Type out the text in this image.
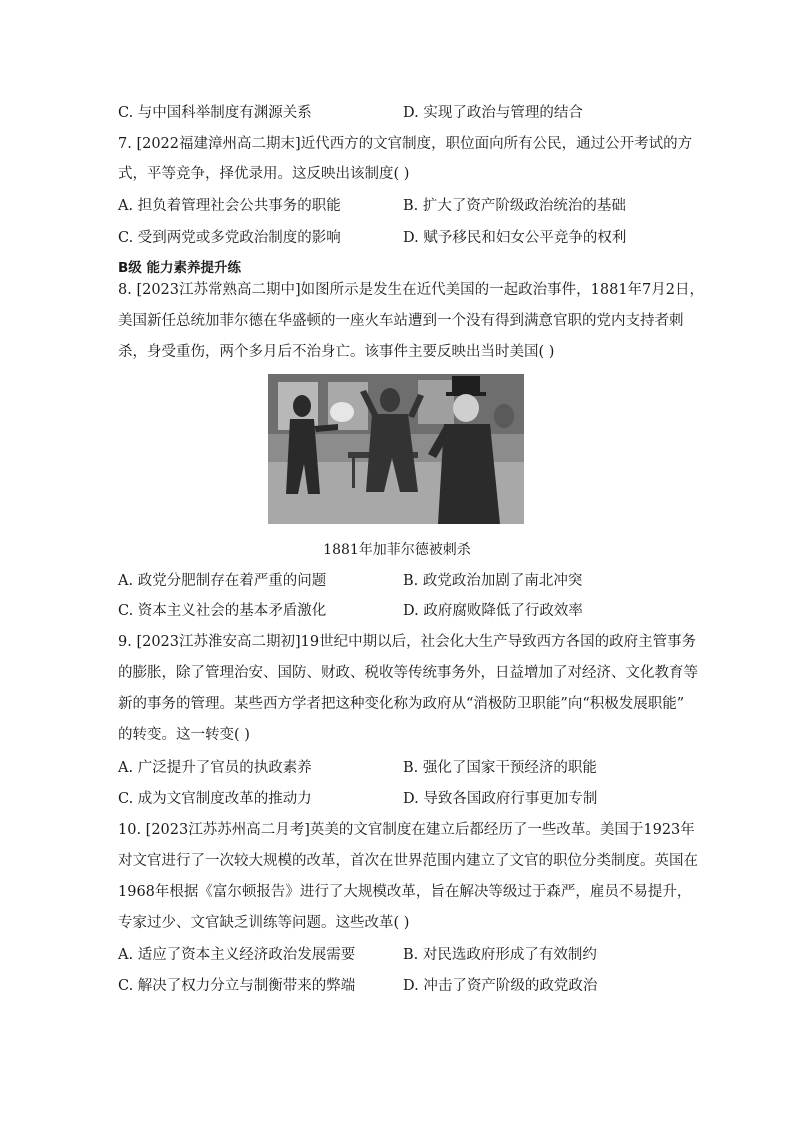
C. 与中国科举制度有渊源关系	D. 实现了政治与管理的结合
7. [2022福建漳州高二期末]近代西方的文官制度，职位面向所有公民，通过公开考试的方
式，平等竞争，择优录用。这反映出该制度( )
A. 担负着管理社会公共事务的职能	B. 扩大了资产阶级政治统治的基础
C. 受到两党或多党政治制度的影响	D. 赋予移民和妇女公平竞争的权利
B级 能力素养提升练
8. [2023江苏常熟高二期中]如图所示是发生在近代美国的一起政治事件，1881年7月2日，
美国新任总统加菲尔德在华盛顿的一座火车站遭到一个没有得到满意官职的党内支持者刺
杀，身受重伤，两个多月后不治身亡。该事件主要反映出当时美国( )
1881年加菲尔德被刺杀
A. 政党分肥制存在着严重的问题	B. 政党政治加剧了南北冲突
C. 资本主义社会的基本矛盾激化	D. 政府腐败降低了行政效率
9. [2023江苏淮安高二期初]19世纪中期以后，社会化大生产导致西方各国的政府主管事务
的膨胀，除了管理治安、国防、财政、税收等传统事务外，日益增加了对经济、文化教育等
新的事务的管理。某些西方学者把这种变化称为政府从“消极防卫职能”向“积极发展职能”
的转变。这一转变( )
A. 广泛提升了官员的执政素养	B. 强化了国家干预经济的职能
C. 成为文官制度改革的推动力	D. 导致各国政府行事更加专制
10. [2023江苏苏州高二月考]英美的文官制度在建立后都经历了一些改革。美国于1923年
对文官进行了一次较大规模的改革，首次在世界范围内建立了文官的职位分类制度。英国在
1968年根据《富尔顿报告》进行了大规模改革，旨在解决等级过于森严，雇员不易提升，
专家过少、文官缺乏训练等问题。这些改革( )
A. 适应了资本主义经济政治发展需要	B. 对民选政府形成了有效制约
C. 解决了权力分立与制衡带来的弊端	D. 冲击了资产阶级的政党政治
